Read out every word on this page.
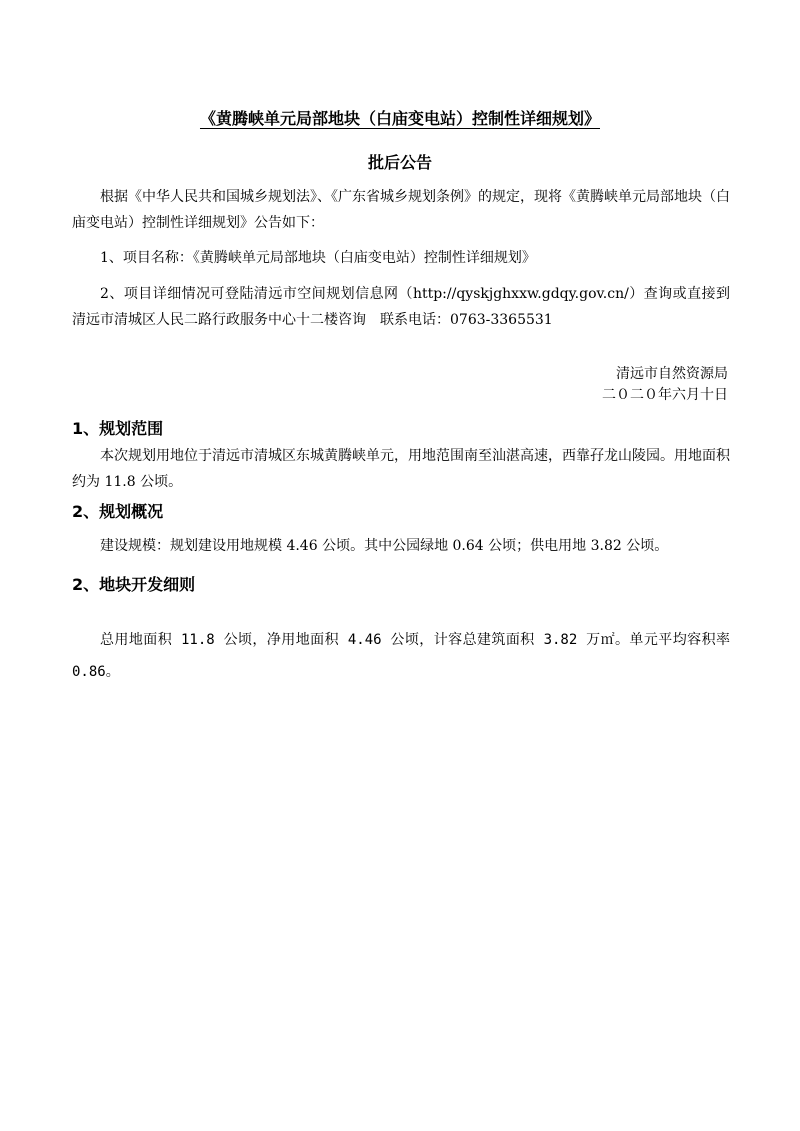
《黄腾峡单元局部地块（白庙变电站）控制性详细规划》
批后公告
根据《中华人民共和国城乡规划法》、《广东省城乡规划条例》的规定，现将《黄腾峡单元局部地块（白庙变电站）控制性详细规划》公告如下：
1、项目名称：《黄腾峡单元局部地块（白庙变电站）控制性详细规划》
2、项目详细情况可登陆清远市空间规划信息网（http://qyskjghxxw.gdqy.gov.cn/）查询或直接到清远市清城区人民二路行政服务中心十二楼咨询　联系电话：0763-3365531
清远市自然资源局
二０二０年六月十日
1、规划范围
本次规划用地位于清远市清城区东城黄腾峡单元，用地范围南至汕湛高速，西靠孖龙山陵园。用地面积约为 11.8 公顷。
2、规划概况
建设规模：规划建设用地规模 4.46 公顷。其中公园绿地 0.64 公顷；供电用地 3.82 公顷。
2、地块开发细则
总用地面积 11.8 公顷，净用地面积 4.46 公顷，计容总建筑面积 3.82 万㎡。单元平均容积率 0.86。
